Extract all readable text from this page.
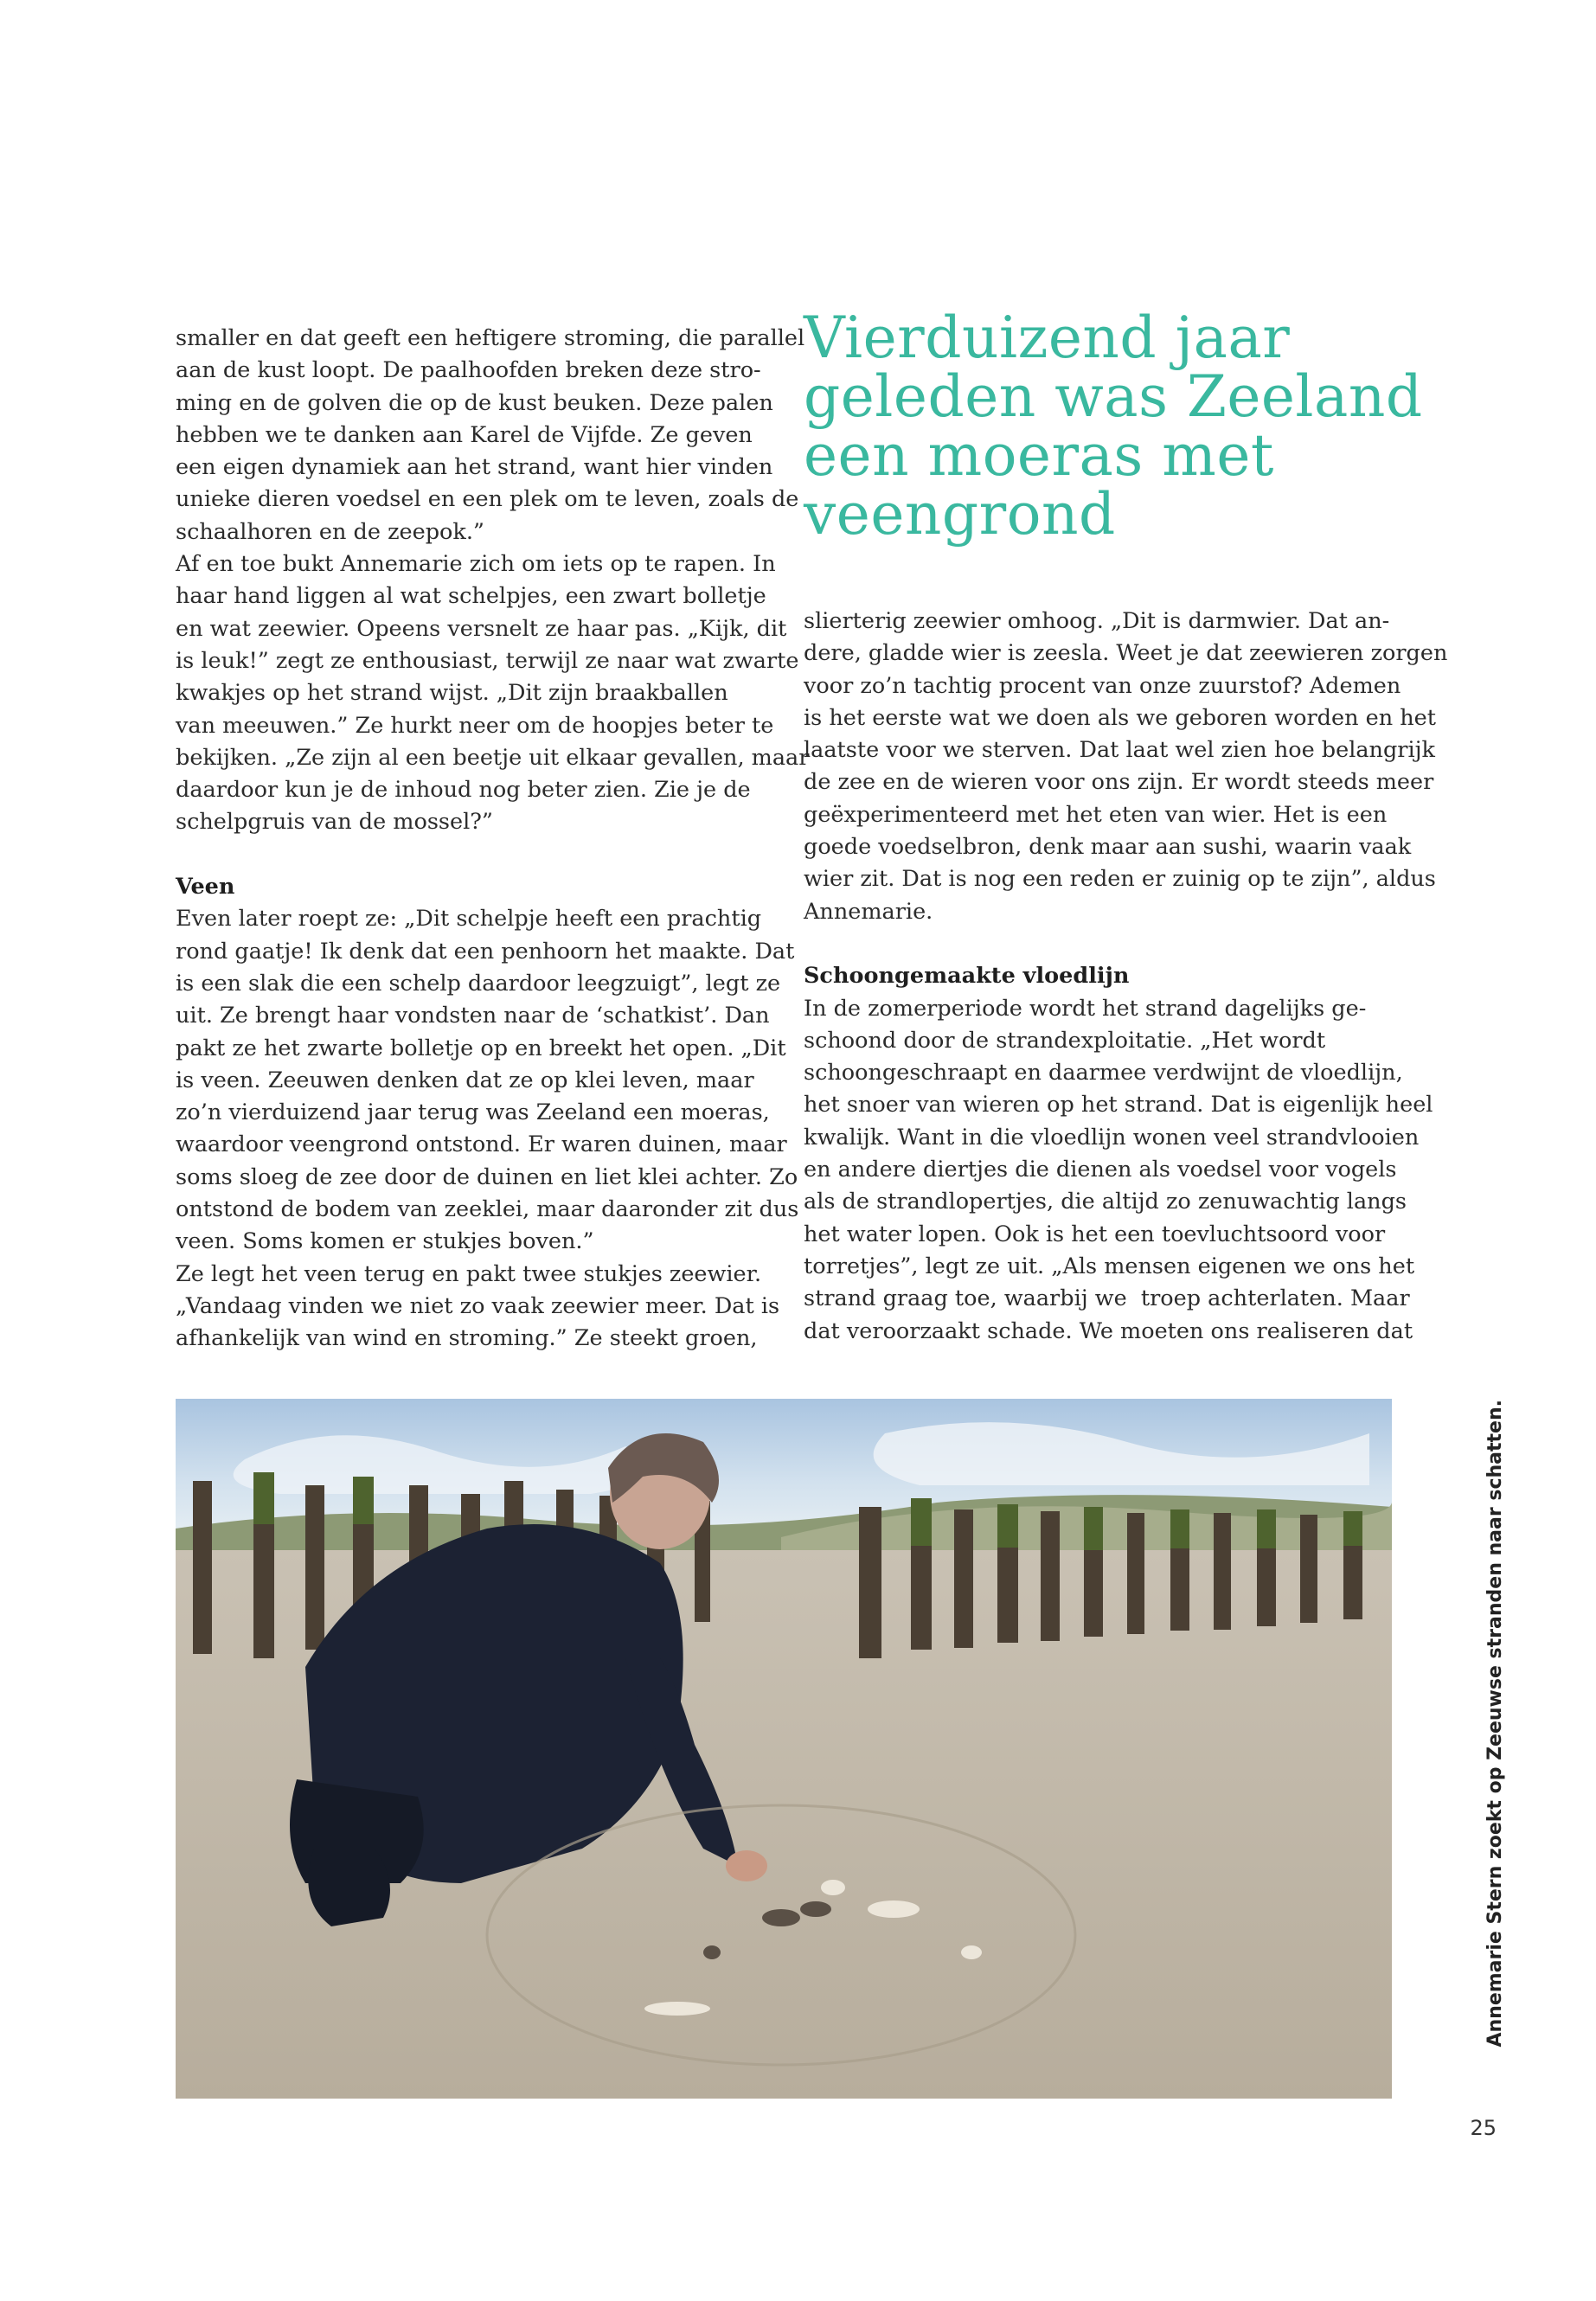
Vierduizend jaar
geleden was Zeeland
een moeras met
veengrond

smaller en dat geeft een heftigere stroming, die parallel

aan de kust loopt. De paalhoofden breken deze stro-

ming en de golven die op de kust beuken. Deze palen

hebben we te danken aan Karel de Vijfde. Ze geven

een eigen dynamiek aan het strand, want hier vinden

unieke dieren voedsel en een plek om te leven, zoals de

schaalhoren en de zeepok.”

Af en toe bukt Annemarie zich om iets op te rapen. In

haar hand liggen al wat schelpjes, een zwart bolletje

en wat zeewier. Opeens versnelt ze haar pas. „Kijk, dit

is leuk!” zegt ze enthousiast, terwijl ze naar wat zwarte

kwakjes op het strand wijst. „Dit zijn braakballen

van meeuwen.” Ze hurkt neer om de hoopjes beter te

bekijken. „Ze zijn al een beetje uit elkaar gevallen, maar

daardoor kun je de inhoud nog beter zien. Zie je de

schelpgruis van de mossel?”

Veen

Even later roept ze: „Dit schelpje heeft een prachtig

rond gaatje! Ik denk dat een penhoorn het maakte. Dat

is een slak die een schelp daardoor leegzuigt”, legt ze

uit. Ze brengt haar vondsten naar de ‘schatkist’. Dan

pakt ze het zwarte bolletje op en breekt het open. „Dit

is veen. Zeeuwen denken dat ze op klei leven, maar

zo’n vierduizend jaar terug was Zeeland een moeras,

waardoor veengrond ontstond. Er waren duinen, maar

soms sloeg de zee door de duinen en liet klei achter. Zo

ontstond de bodem van zeeklei, maar daaronder zit dus

veen. Soms komen er stukjes boven.”

Ze legt het veen terug en pakt twee stukjes zeewier.

„Vandaag vinden we niet zo vaak zeewier meer. Dat is

afhankelijk van wind en stroming.” Ze steekt groen,

slierterig zeewier omhoog. „Dit is darmwier. Dat an-

dere, gladde wier is zeesla. Weet je dat zeewieren zorgen

voor zo’n tachtig procent van onze zuurstof? Ademen

is het eerste wat we doen als we geboren worden en het

laatste voor we sterven. Dat laat wel zien hoe belangrijk

de zee en de wieren voor ons zijn. Er wordt steeds meer

geëxperimenteerd met het eten van wier. Het is een

goede voedselbron, denk maar aan sushi, waarin vaak

wier zit. Dat is nog een reden er zuinig op te zijn”, aldus

Annemarie.

Schoongemaakte vloedlijn

In de zomerperiode wordt het strand dagelijks ge-

schoond door de strandexploitatie. „Het wordt

schoongeschraapt en daarmee verdwijnt de vloedlijn,

het snoer van wieren op het strand. Dat is eigenlijk heel

kwalijk. Want in die vloedlijn wonen veel strandvlooien

en andere diertjes die dienen als voedsel voor vogels

als de strandlopertjes, die altijd zo zenuwachtig langs

het water lopen. Ook is het een toevluchtsoord voor

torretjes”, legt ze uit. „Als mensen eigenen we ons het

strand graag toe, waarbij we  troep achterlaten. Maar

dat veroorzaakt schade. We moeten ons realiseren dat

Annemarie Stern zoekt op Zeeuwse stranden naar schatten.

25
